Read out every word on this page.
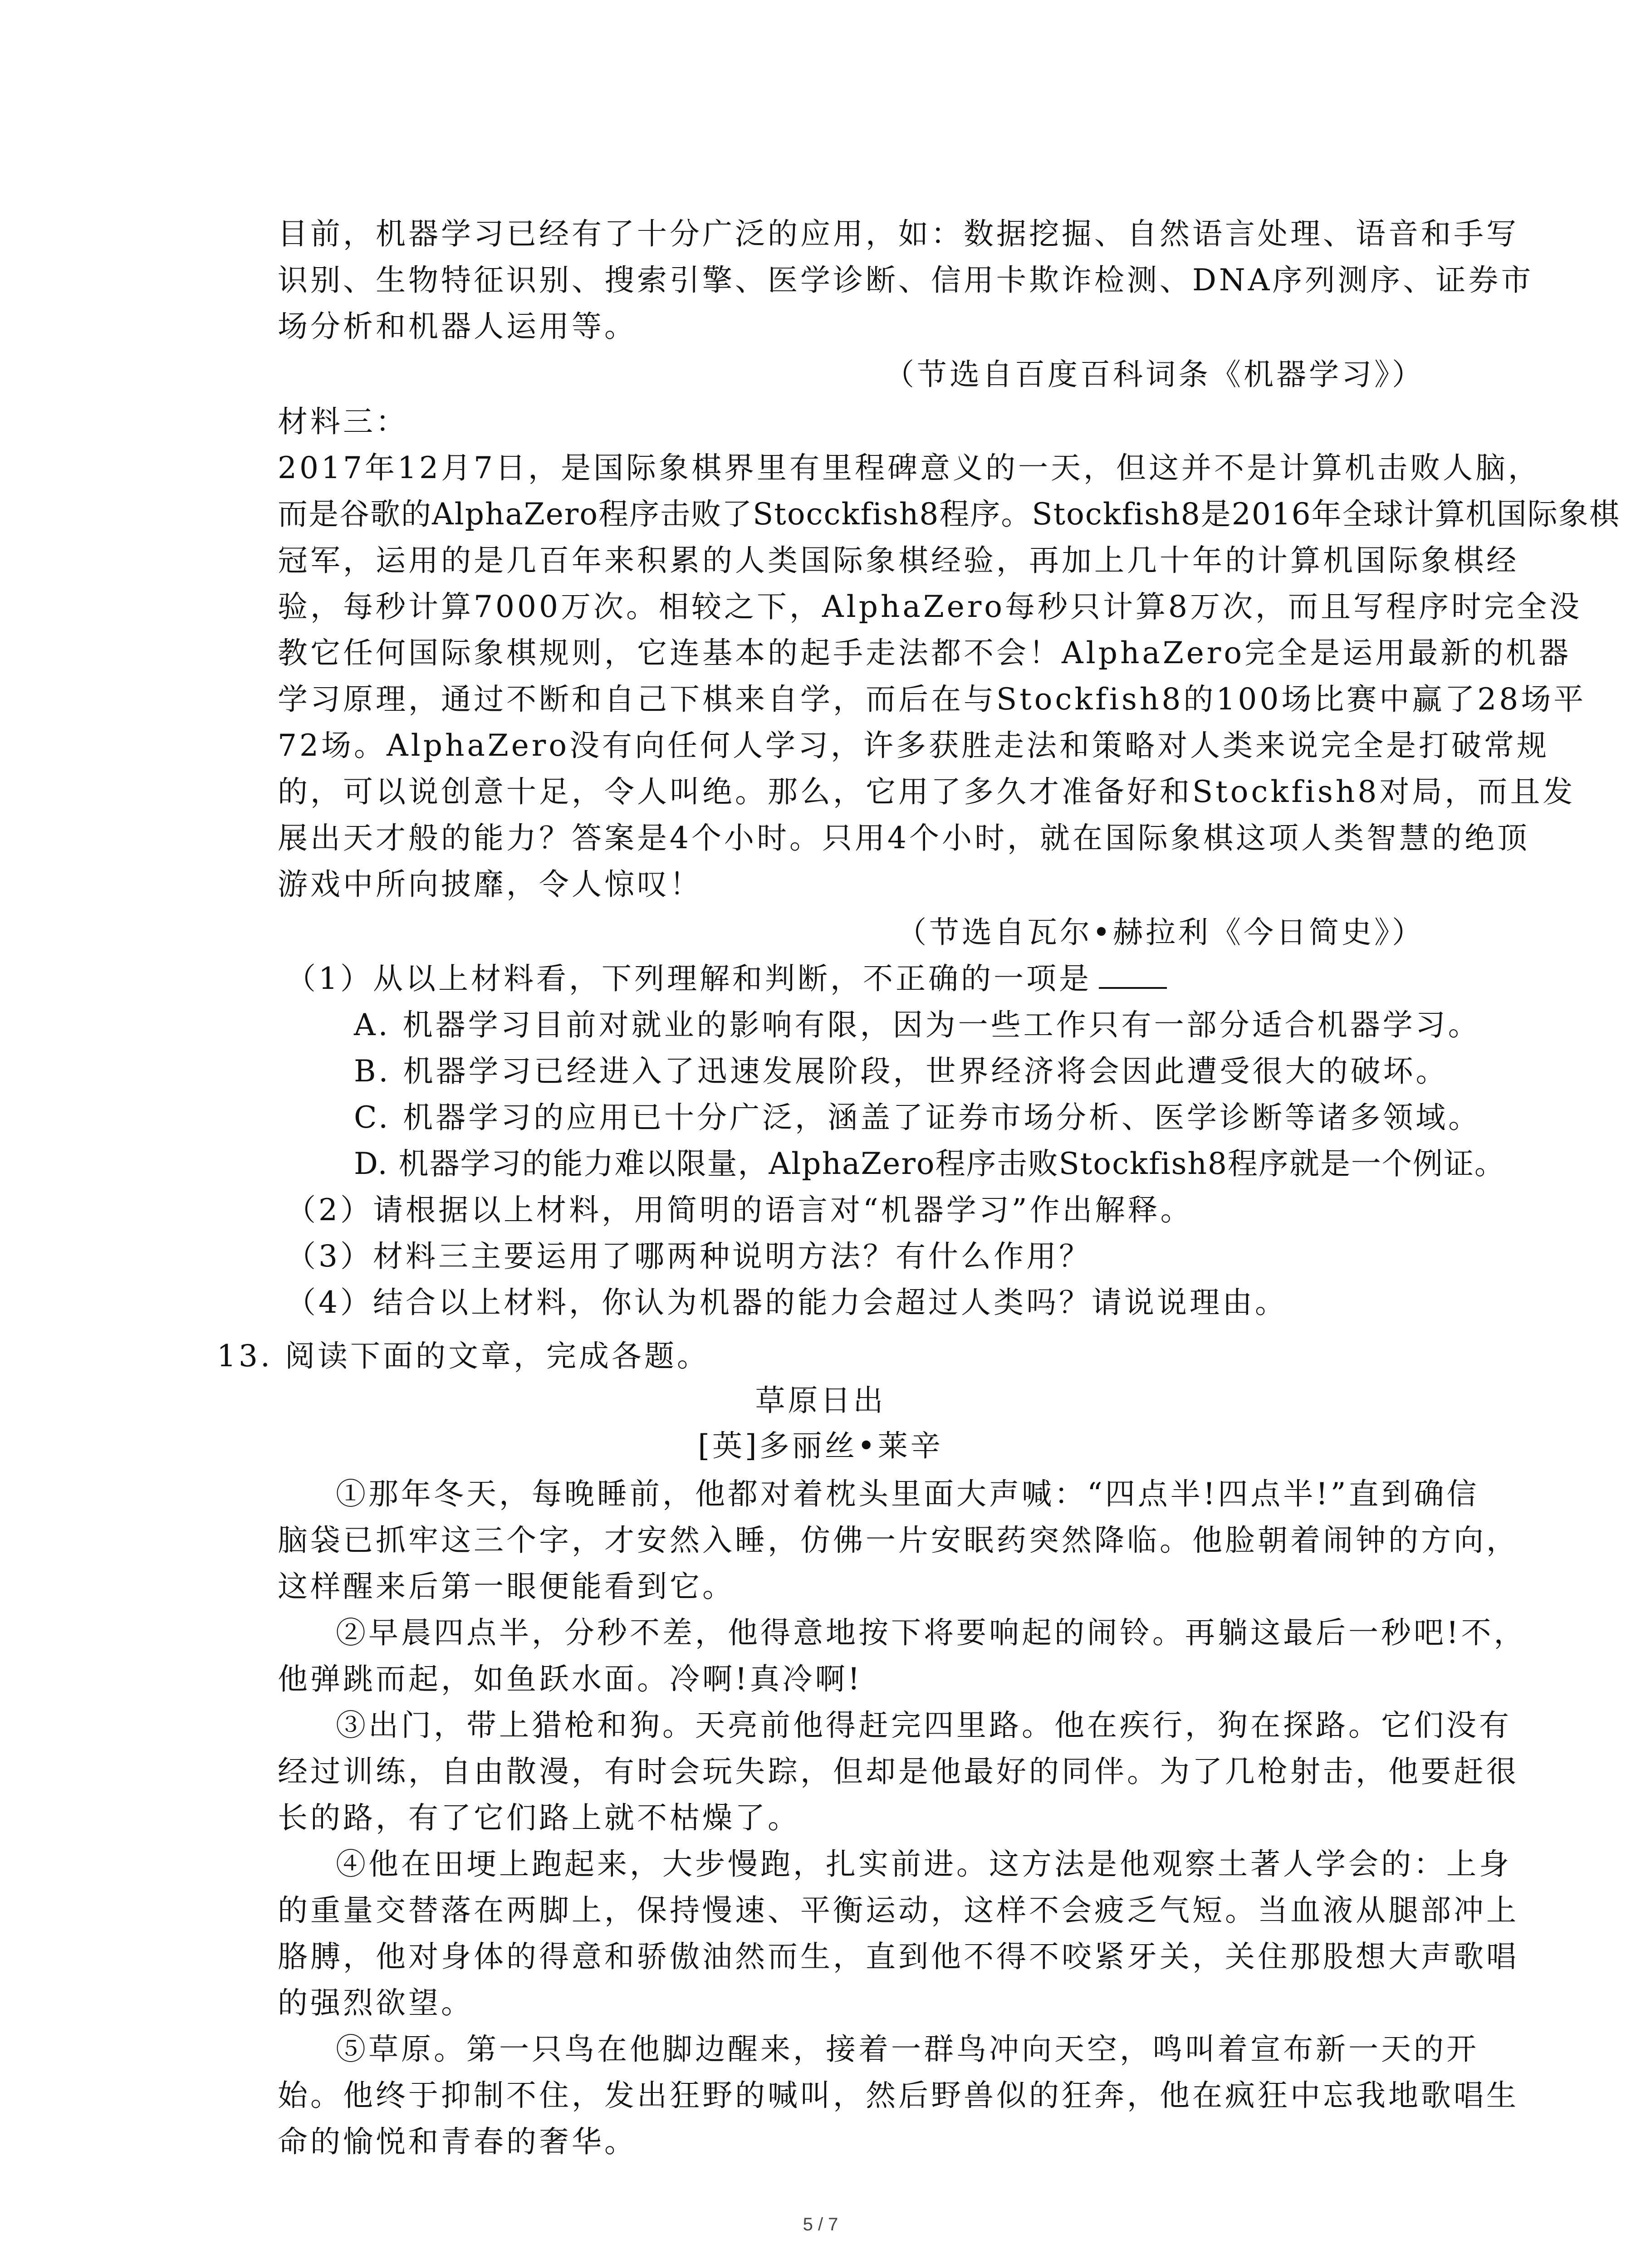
目前，机器学习已经有了十分广泛的应用，如：数据挖掘、自然语言处理、语音和手写
识别、生物特征识别、搜索引擎、医学诊断、信用卡欺诈检测、DNA序列测序、证券市
场分析和机器人运用等。
（节选自百度百科词条《机器学习》）
材料三：
2017年12月7日，是国际象棋界里有里程碑意义的一天，但这并不是计算机击败人脑，
而是谷歌的AlphaZero程序击败了Stocckfish8程序。Stockfish8是2016年全球计算机国际象棋
冠军，运用的是几百年来积累的人类国际象棋经验，再加上几十年的计算机国际象棋经
验，每秒计算7000万次。相较之下，AlphaZero每秒只计算8万次，而且写程序时完全没
教它任何国际象棋规则，它连基本的起手走法都不会！AlphaZero完全是运用最新的机器
学习原理，通过不断和自己下棋来自学，而后在与Stockfish8的100场比赛中赢了28场平
72场。AlphaZero没有向任何人学习，许多获胜走法和策略对人类来说完全是打破常规
的，可以说创意十足，令人叫绝。那么，它用了多久才准备好和Stockfish8对局，而且发
展出天才般的能力？答案是4个小时。只用4个小时，就在国际象棋这项人类智慧的绝顶
游戏中所向披靡，令人惊叹！
（节选自瓦尔•赫拉利《今日简史》）
（1）从以上材料看，下列理解和判断，不正确的一项是
A. 机器学习目前对就业的影响有限，因为一些工作只有一部分适合机器学习。
B. 机器学习已经进入了迅速发展阶段，世界经济将会因此遭受很大的破坏。
C. 机器学习的应用已十分广泛，涵盖了证券市场分析、医学诊断等诸多领域。
D. 机器学习的能力难以限量，AlphaZero程序击败Stockfish8程序就是一个例证。
（2）请根据以上材料，用简明的语言对“机器学习”作出解释。
（3）材料三主要运用了哪两种说明方法？有什么作用？
（4）结合以上材料，你认为机器的能力会超过人类吗？请说说理由。
13. 阅读下面的文章，完成各题。
草原日出
[英]多丽丝•莱辛
①那年冬天，每晚睡前，他都对着枕头里面大声喊：“四点半!四点半!”直到确信
脑袋已抓牢这三个字，才安然入睡，仿佛一片安眠药突然降临。他脸朝着闹钟的方向，
这样醒来后第一眼便能看到它。
②早晨四点半，分秒不差，他得意地按下将要响起的闹铃。再躺这最后一秒吧!不，
他弹跳而起，如鱼跃水面。冷啊!真冷啊!
③出门，带上猎枪和狗。天亮前他得赶完四里路。他在疾行，狗在探路。它们没有
经过训练，自由散漫，有时会玩失踪，但却是他最好的同伴。为了几枪射击，他要赶很
长的路，有了它们路上就不枯燥了。
④他在田埂上跑起来，大步慢跑，扎实前进。这方法是他观察土著人学会的：上身
的重量交替落在两脚上，保持慢速、平衡运动，这样不会疲乏气短。当血液从腿部冲上
胳膊，他对身体的得意和骄傲油然而生，直到他不得不咬紧牙关，关住那股想大声歌唱
的强烈欲望。
⑤草原。第一只鸟在他脚边醒来，接着一群鸟冲向天空，鸣叫着宣布新一天的开
始。他终于抑制不住，发出狂野的喊叫，然后野兽似的狂奔，他在疯狂中忘我地歌唱生
命的愉悦和青春的奢华。
5 / 7
